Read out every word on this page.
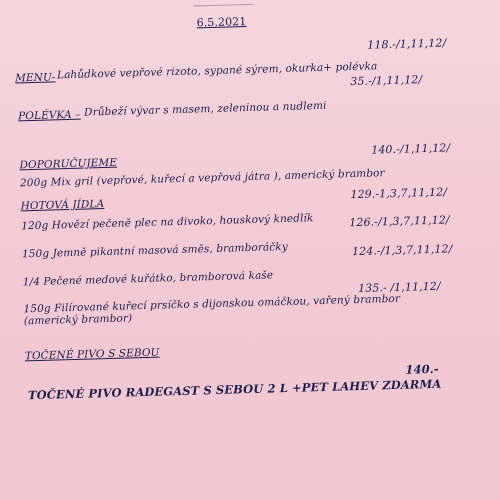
6.5.2021
MENU- Lahůdkové vepřové rizoto, sypané sýrem, okurka+ polévka
118.-/1,11,12/
POLÉVKA – Drůbeží vývar s masem, zeleninou a nudlemi
35.-/1,11,12/
DOPORUČUJEME
200g Mix gril (vepřové, kuřecí a vepřová játra ), americký brambor
140.-/1,11,12/
HOTOVÁ JÍDLA
120g Hovězí pečeně plec na divoko, houskový knedlík
129.-1,3,7,11,12/
150g Jemně pikantní masová směs, bramboráčky
126.-/1,3,7,11,12/
1/4 Pečené medové kuřátko, bramborová kaše
124.-/1,3,7,11,12/
150g Filírované kuřecí prsíčko s dijonskou omáčkou, vařený brambor
(americký brambor)
135.- /1,11,12/
TOČENÉ PIVO S SEBOU
TOČENÉ PIVO RADEGAST S SEBOU 2 L +PET LAHEV ZDARMA
140.-
